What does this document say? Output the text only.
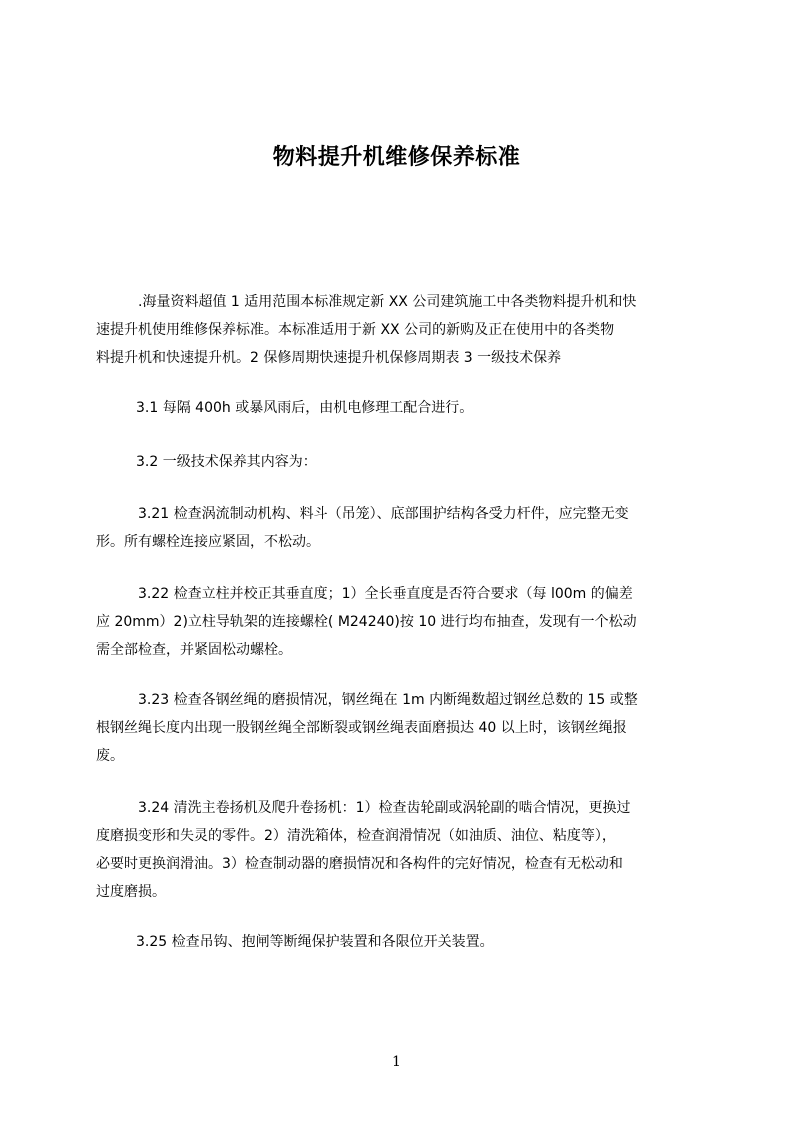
物料提升机维修保养标准
.海量资料超值 1 适用范围本标准规定新 XX 公司建筑施工中各类物料提升机和快
速提升机使用维修保养标准。本标准适用于新 XX 公司的新购及正在使用中的各类物
料提升机和快速提升机。2 保修周期快速提升机保修周期表 3 一级技术保养
3.1 每隔 400h 或暴风雨后，由机电修理工配合进行。
3.2 一级技术保养其内容为：
3.21 检查涡流制动机构、料斗（吊笼）、底部围护结构各受力杆件，应完整无变
形。所有螺栓连接应紧固，不松动。
3.22 检查立柱并校正其垂直度；1）全长垂直度是否符合要求（每 l00m 的偏差
应 20mm）2)立柱导轨架的连接螺栓( M24240)按 10 进行均布抽查，发现有一个松动
需全部检查，并紧固松动螺栓。
3.23 检查各钢丝绳的磨损情况，钢丝绳在 1m 内断绳数超过钢丝总数的 15 或整
根钢丝绳长度内出现一股钢丝绳全部断裂或钢丝绳表面磨损达 40 以上时，该钢丝绳报
废。
3.24 清洗主卷扬机及爬升卷扬机：1）检查齿轮副或涡轮副的啮合情况，更换过
度磨损变形和失灵的零件。2）清洗箱体，检查润滑情况（如油质、油位、粘度等），
必要时更换润滑油。3）检查制动器的磨损情况和各构件的完好情况，检查有无松动和
过度磨损。
3.25 检查吊钩、抱闸等断绳保护装置和各限位开关装置。
1
